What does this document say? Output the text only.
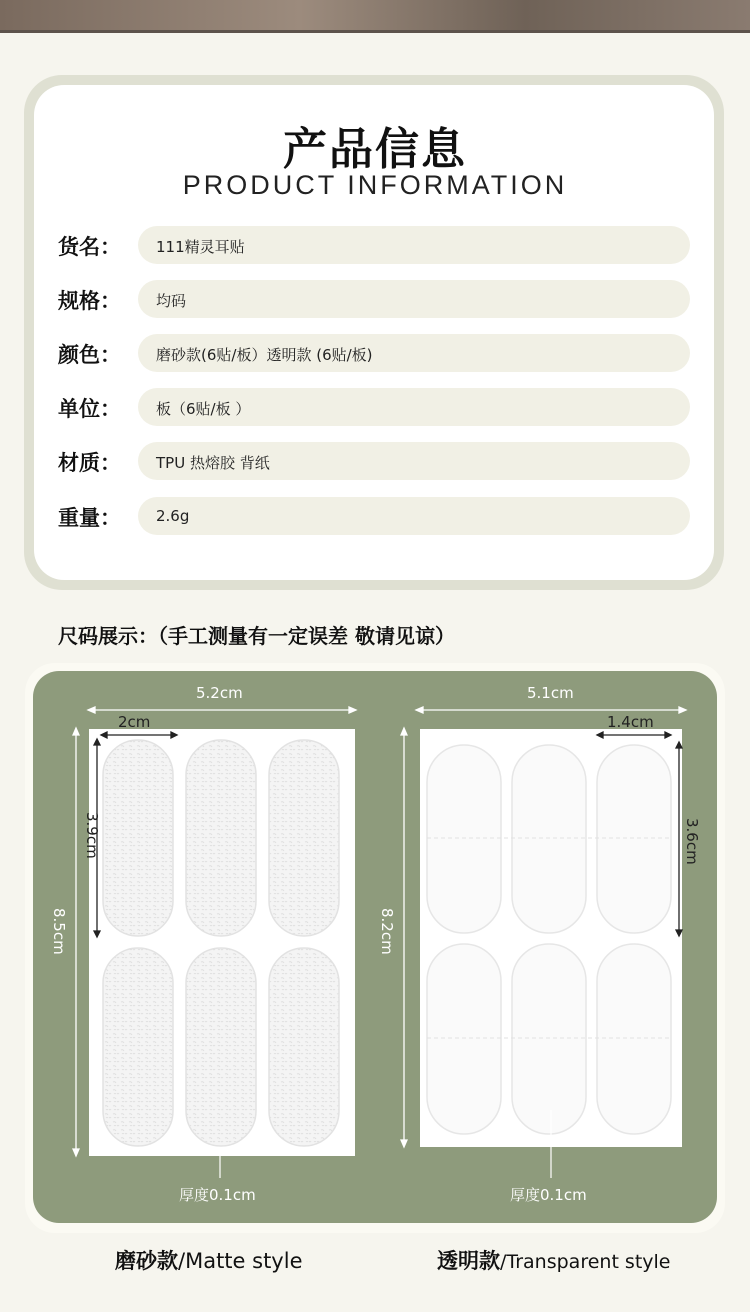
产品信息
PRODUCT INFORMATION
货名： 111精灵耳贴
规格： 均码
颜色： 磨砂款(6贴/板）透明款 (6贴/板)
单位： 板（6贴/板 ）
材质： TPU 热熔胶 背纸
重量： 2.6g
尺码展示：（手工测量有一定误差 敬请见谅）
5.2cm
2cm
3.9cm
8.5cm
厚度0.1cm
5.1cm
1.4cm
3.6cm
8.2cm
厚度0.1cm
磨砂款/Matte style	透明款/Transparent style
